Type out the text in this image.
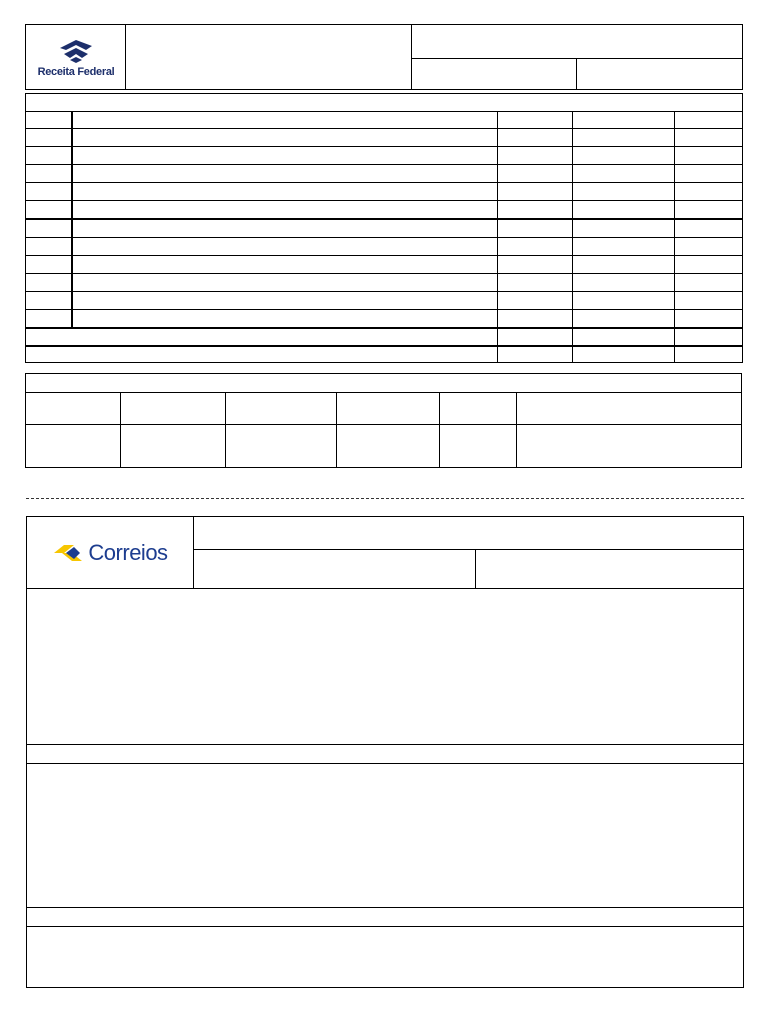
Receita Federal
Correios
